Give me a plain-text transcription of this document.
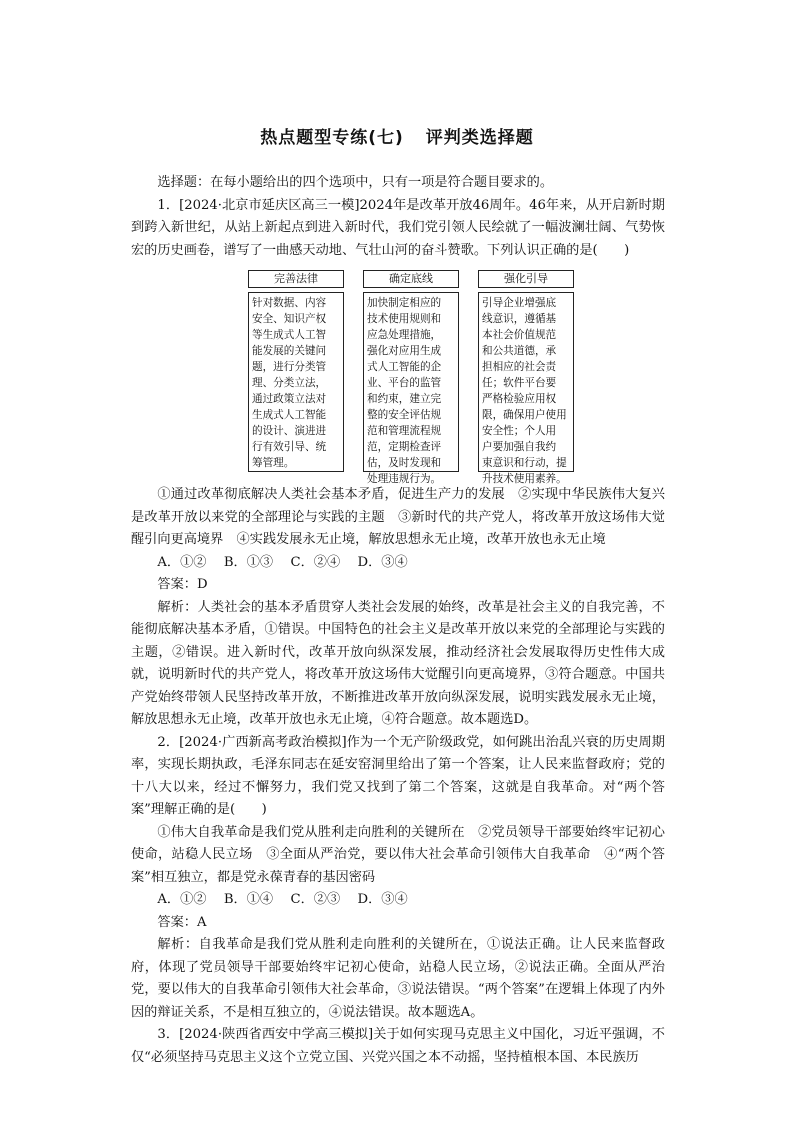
热点题型专练(七) 评判类选择题

选择题：在每小题给出的四个选项中，只有一项是符合题目要求的。

1．[2024·北京市延庆区高三一模]2024年是改革开放46周年。46年来，从开启新时期到跨入新世纪，从站上新起点到进入新时代，我们党引领人民绘就了一幅波澜壮阔、气势恢宏的历史画卷，谱写了一曲感天动地、气壮山河的奋斗赞歌。下列认识正确的是(　　)

完善法律
针对数据、内容
安全、知识产权
等生成式人工智
能发展的关键问
题，进行分类管
理、分类立法，
通过政策立法对
生成式人工智能
的设计、演进进
行有效引导、统
筹管理。
确定底线
加快制定相应的
技术使用规则和
应急处理措施，
强化对应用生成
式人工智能的企
业、平台的监管
和约束，建立完
整的安全评估规
范和管理流程规
范，定期检查评
估，及时发现和
处理违规行为。
强化引导
引导企业增强底
线意识，遵循基
本社会价值规范
和公共道德，承
担相应的社会责
任；软件平台要
严格检验应用权
限，确保用户使用
安全性；个人用
户要加强自我约
束意识和行动，提
升技术使用素养。

①通过改革彻底解决人类社会基本矛盾，促进生产力的发展　②实现中华民族伟大复兴是改革开放以来党的全部理论与实践的主题　③新时代的共产党人，将改革开放这场伟大觉醒引向更高境界　④实践发展永无止境，解放思想永无止境，改革开放也永无止境

A．①②　 B．①③　 C．②④　 D．③④

答案：D

解析：人类社会的基本矛盾贯穿人类社会发展的始终，改革是社会主义的自我完善，不能彻底解决基本矛盾，①错误。中国特色的社会主义是改革开放以来党的全部理论与实践的主题，②错误。进入新时代，改革开放向纵深发展，推动经济社会发展取得历史性伟大成就，说明新时代的共产党人，将改革开放这场伟大觉醒引向更高境界，③符合题意。中国共产党始终带领人民坚持改革开放，不断推进改革开放向纵深发展，说明实践发展永无止境，解放思想永无止境，改革开放也永无止境，④符合题意。故本题选D。

2．[2024·广西新高考政治模拟]作为一个无产阶级政党，如何跳出治乱兴衰的历史周期率，实现长期执政，毛泽东同志在延安窑洞里给出了第一个答案，让人民来监督政府；党的十八大以来，经过不懈努力，我们党又找到了第二个答案，这就是自我革命。对“两个答案”理解正确的是(　　)

①伟大自我革命是我们党从胜利走向胜利的关键所在　②党员领导干部要始终牢记初心使命，站稳人民立场　③全面从严治党，要以伟大社会革命引领伟大自我革命　④“两个答案”相互独立，都是党永葆青春的基因密码

A．①②　 B．①④　 C．②③　 D．③④

答案：A

解析：自我革命是我们党从胜利走向胜利的关键所在，①说法正确。让人民来监督政府，体现了党员领导干部要始终牢记初心使命，站稳人民立场，②说法正确。全面从严治党，要以伟大的自我革命引领伟大社会革命，③说法错误。“两个答案”在逻辑上体现了内外因的辩证关系，不是相互独立的，④说法错误。故本题选A。

3．[2024·陕西省西安中学高三模拟]关于如何实现马克思主义中国化，习近平强调，不仅“必须坚持马克思主义这个立党立国、兴党兴国之本不动摇，坚持植根本国、本民族历
